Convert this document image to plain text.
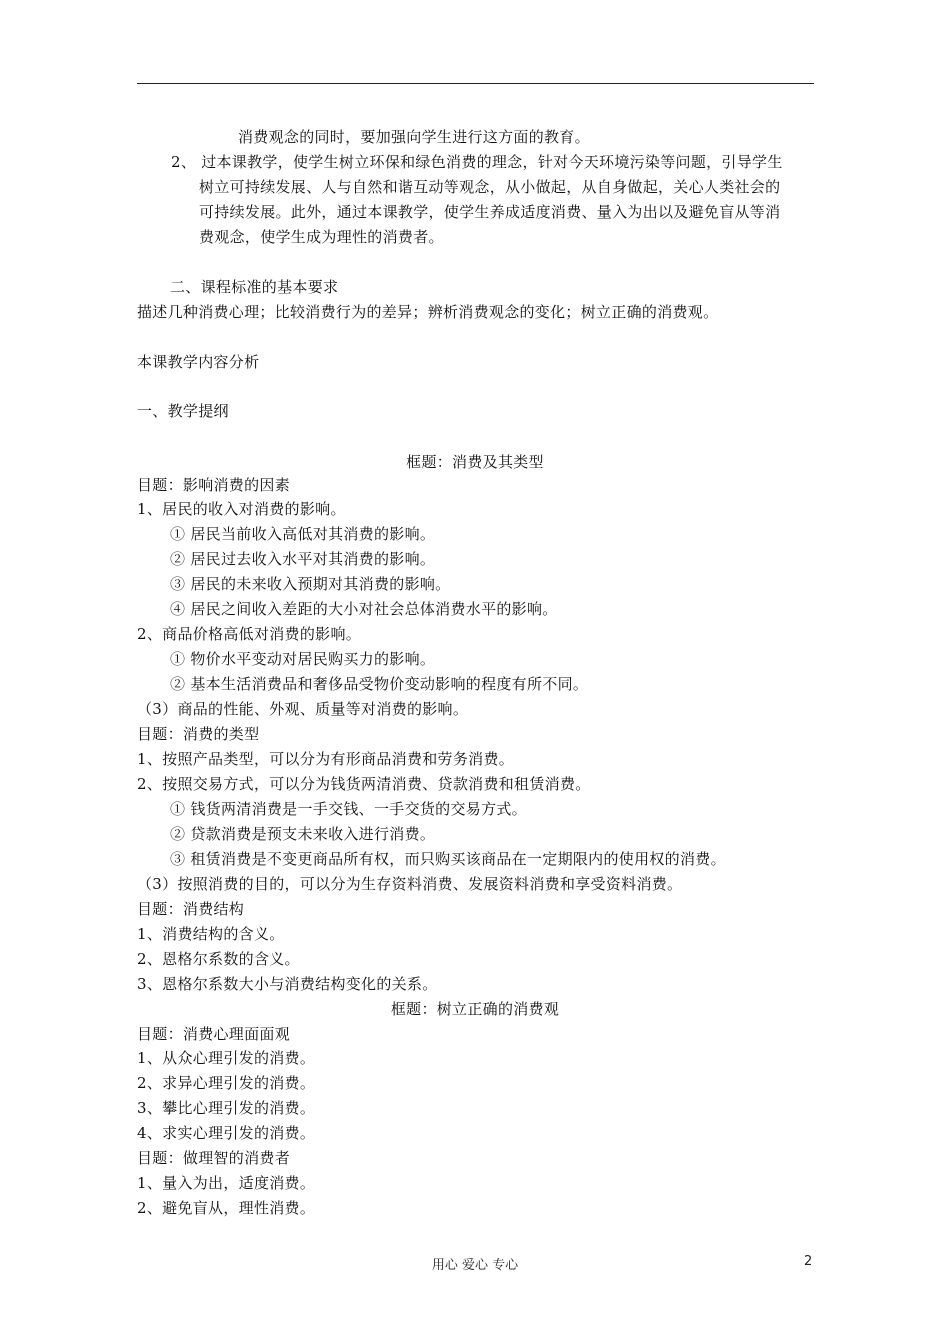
消费观念的同时，要加强向学生进行这方面的教育。
2、 过本课教学，使学生树立环保和绿色消费的理念，针对今天环境污染等问题，引导学生
树立可持续发展、人与自然和谐互动等观念，从小做起，从自身做起，关心人类社会的
可持续发展。此外，通过本课教学，使学生养成适度消费、量入为出以及避免盲从等消
费观念，使学生成为理性的消费者。
二、课程标准的基本要求
描述几种消费心理；比较消费行为的差异；辨析消费观念的变化；树立正确的消费观。
本课教学内容分析
一、教学提纲
框题：消费及其类型
目题：影响消费的因素
1、居民的收入对消费的影响。
① 居民当前收入高低对其消费的影响。
② 居民过去收入水平对其消费的影响。
③ 居民的未来收入预期对其消费的影响。
④ 居民之间收入差距的大小对社会总体消费水平的影响。
2、商品价格高低对消费的影响。
① 物价水平变动对居民购买力的影响。
② 基本生活消费品和奢侈品受物价变动影响的程度有所不同。
（3）商品的性能、外观、质量等对消费的影响。
目题：消费的类型
1、按照产品类型，可以分为有形商品消费和劳务消费。
2、按照交易方式，可以分为钱货两清消费、贷款消费和租赁消费。
① 钱货两清消费是一手交钱、一手交货的交易方式。
② 贷款消费是预支未来收入进行消费。
③ 租赁消费是不变更商品所有权，而只购买该商品在一定期限内的使用权的消费。
（3）按照消费的目的，可以分为生存资料消费、发展资料消费和享受资料消费。
目题：消费结构
1、消费结构的含义。
2、恩格尔系数的含义。
3、恩格尔系数大小与消费结构变化的关系。
框题：树立正确的消费观
目题：消费心理面面观
1、从众心理引发的消费。
2、求异心理引发的消费。
3、攀比心理引发的消费。
4、求实心理引发的消费。
目题：做理智的消费者
1、量入为出，适度消费。
2、避免盲从，理性消费。
用心 爱心 专心	2
